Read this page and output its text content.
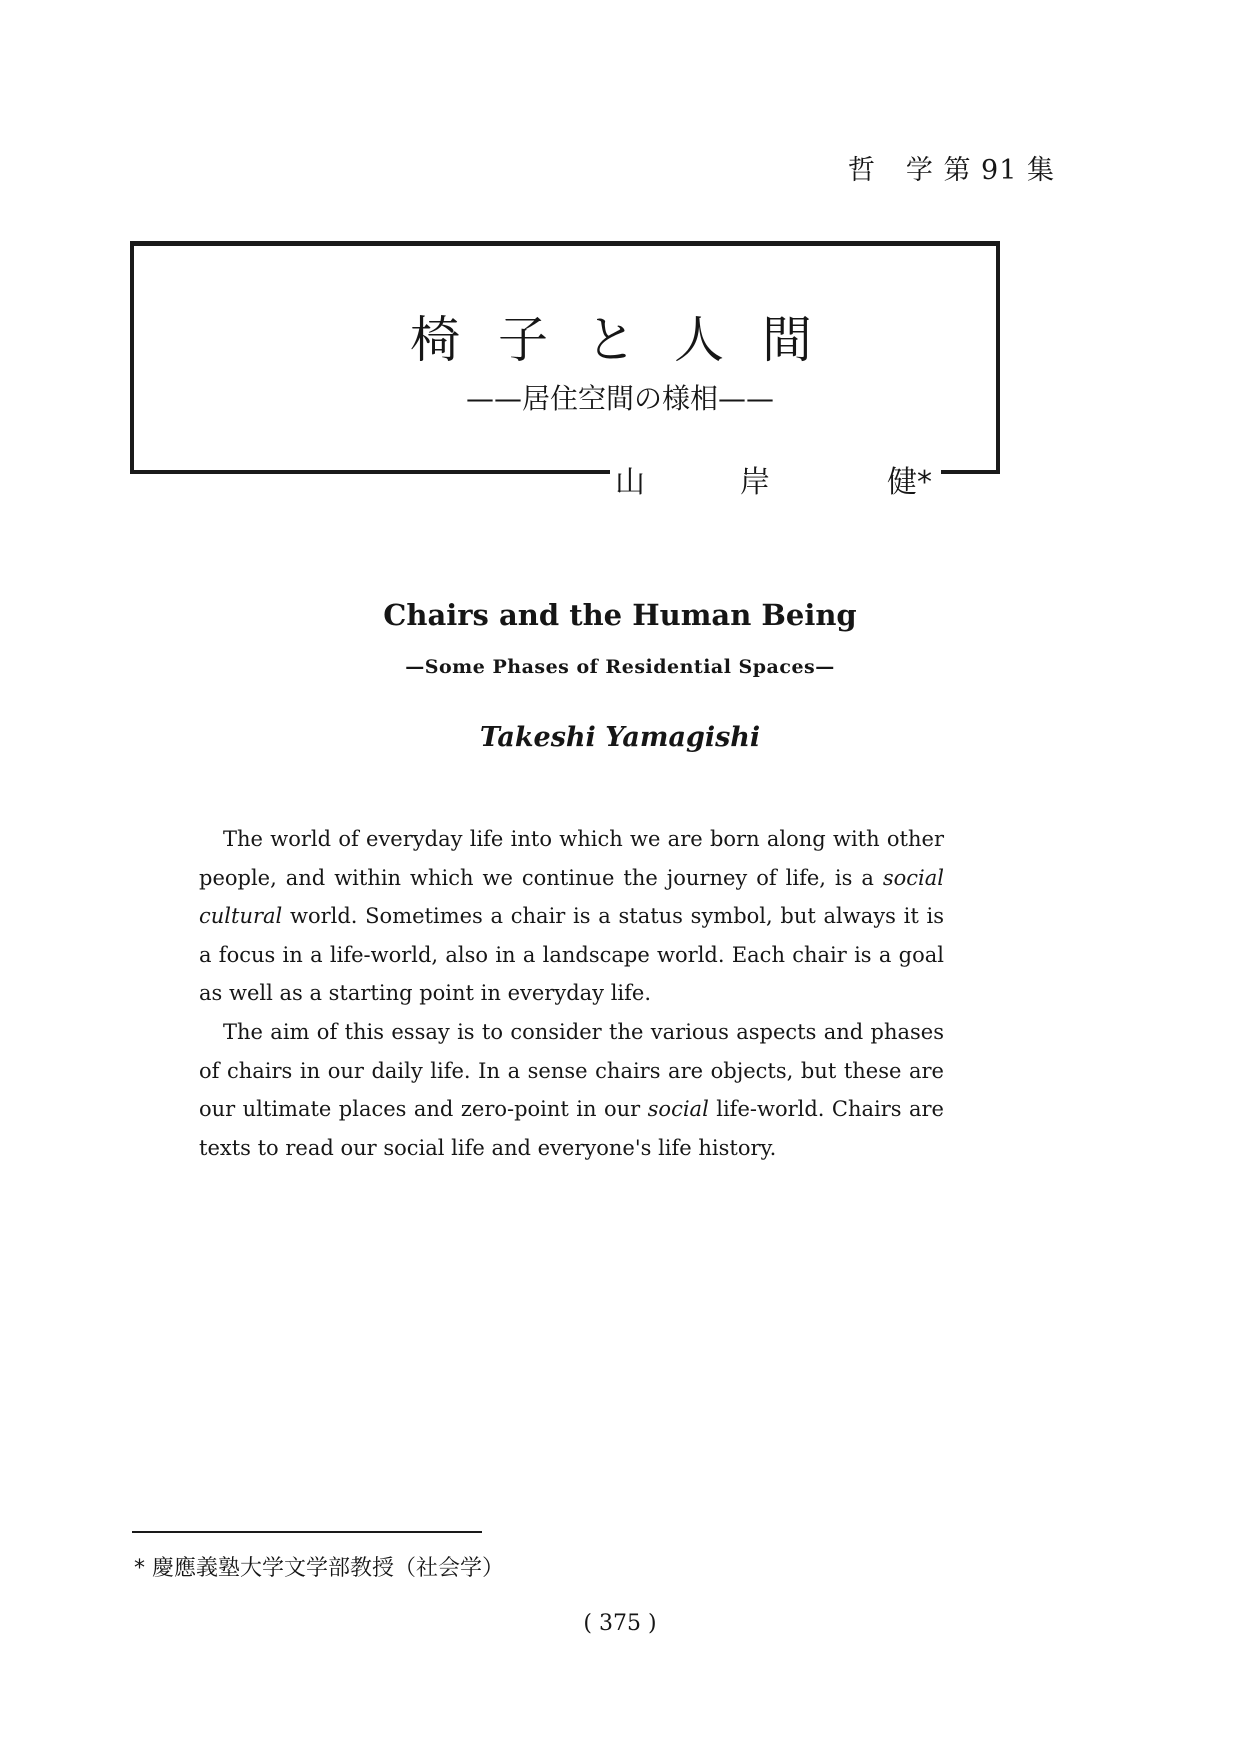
哲 学 第 91 集
椅子と人間
——居住空間の様相——
山	岸	健*
Chairs and the Human Being
—Some Phases of Residential Spaces—
Takeshi Yamagishi

The world of everyday life into which we are born along with other people, and within which we continue the journey of life, is a social cultural world. Sometimes a chair is a status symbol, but always it is a focus in a life-world, also in a landscape world. Each chair is a goal as well as a starting point in everyday life.

The aim of this essay is to consider the various aspects and phases of chairs in our daily life. In a sense chairs are objects, but these are our ultimate places and zero-point in our social life-world. Chairs are texts to read our social life and everyone's life history.

* 慶應義塾大学文学部教授（社会学）
( 375 )
